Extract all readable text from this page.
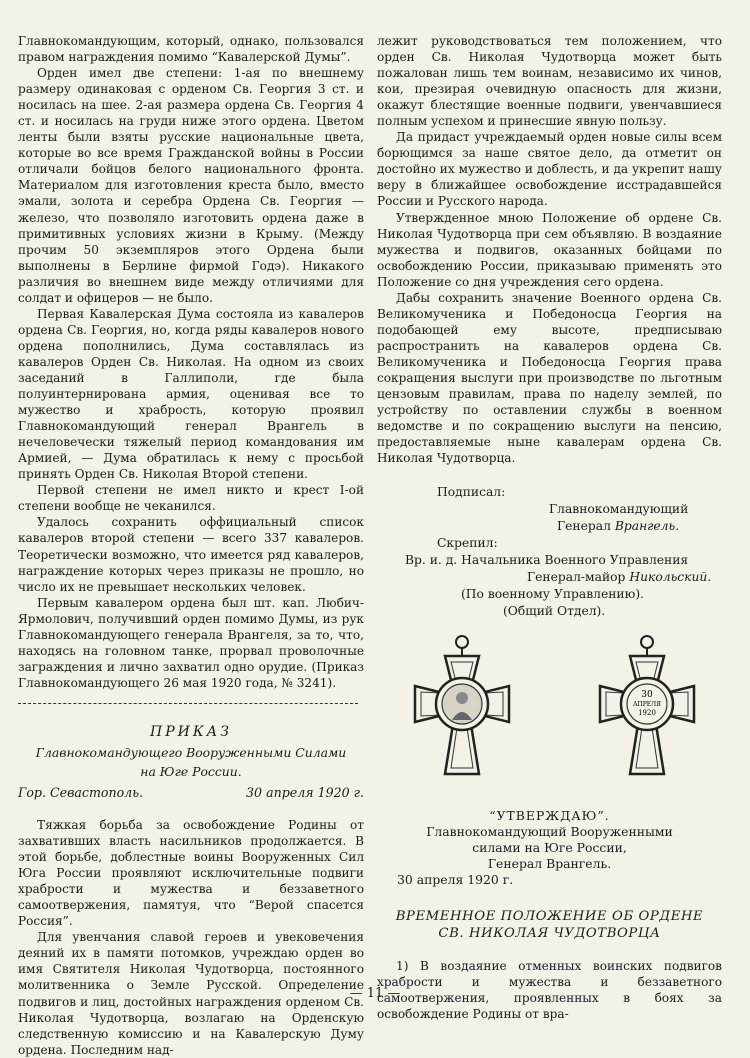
Главнокомандующим, который, однако, пользовался правом награждения помимо “Кавалерской Думы”.

Орден имел две степени: 1-ая по внешнему размеру одинаковая с орденом Св. Георгия 3 ст. и носилась на шее. 2-ая размера ордена Св. Георгия 4 ст. и носилась на груди ниже этого ордена. Цветом ленты были взяты русские национальные цвета, которые во все время Гражданской войны в России отличали бойцов белого национального фронта. Материалом для изготовления креста было, вместо эмали, золота и серебра Ордена Св. Георгия — железо, что позволяло изготовить ордена даже в примитивных условиях жизни в Крыму. (Между прочим 50 экземпляров этого Ордена были выполнены в Берлине фирмой Годэ). Никакого различия во внешнем виде между отличиями для солдат и офицеров — не было.

Первая Кавалерская Дума состояла из кавалеров ордена Св. Георгия, но, когда ряды кавалеров нового ордена пополнились, Дума составлялась из кавалеров Орден Св. Николая. На одном из своих заседаний в Галлиполи, где была полуинтернирована армия, оценивая все то мужество и храбрость, которую проявил Главнокомандующий генерал Врангель в нечеловечески тяжелый период командования им Армией, — Дума обратилась к нему с просьбой принять Орден Св. Николая Второй степени.

Первой степени не имел никто и крест I-ой степени вообще не чеканился.

Удалось сохранить оффициальный список кавалеров второй степени — всего 337 кавалеров. Теоретически возможно, что имеется ряд кавалеров, награждение которых через приказы не прошло, но число их не превышает нескольких человек.

Первым кавалером ордена был шт. кап. Любич-Ярмолович, получивший орден помимо Думы, из рук Главнокомандующего генерала Врангеля, за то, что, находясь на головном танке, прорвал проволочные заграждения и лично захватил одно орудие. (Приказ Главнокомандующего 26 мая 1920 года, № 3241).

ПРИКАЗ
Главнокомандующего Вооруженными Силами
на Юге России.
Гор. Севастополь.	30 апреля 1920 г.

Тяжкая борьба за освобождение Родины от захвативших власть насильников продолжается. В этой борьбе, доблестные воины Вооруженных Сил Юга России проявляют исключительные подвиги храбрости и мужества и беззаветного самоотвержения, памятуя, что “Верой спасется Россия”.

Для увенчания славой героев и увековечения деяний их в памяти потомков, учреждаю орден во имя Святителя Николая Чудотворца, постоянного молитвенника о Земле Русской. Определение подвигов и лиц, достойных награждения орденом Св. Николая Чудотворца, возлагаю на Орденскую следственную комиссию и на Кавалерскую Думу ордена. Последним над-

лежит руководствоваться тем положением, что орден Св. Николая Чудотворца может быть пожалован лишь тем воинам, независимо их чинов, кои, презирая очевидную опасность для жизни, окажут блестящие военные подвиги, увенчавшиеся полным успехом и принесшие явную пользу.

Да придаст учреждаемый орден новые силы всем борющимся за наше святое дело, да отметит он достойно их мужество и доблесть, и да укрепит нашу веру в ближайшее освобождение исстрадавшейся России и Русского народа.

Утвержденное мною Положение об ордене Св. Николая Чудотворца при сем объявляю. В воздаяние мужества и подвигов, оказанных бойцами по освобождению России, приказываю применять это Положение со дня учреждения сего ордена.

Дабы сохранить значение Военного ордена Св. Великомученика и Победоносца Георгия на подобающей ему высоте, предписываю распространить на кавалеров ордена Св. Великомученика и Победоносца Георгия права сокращения выслуги при производстве по льготным цензовым правилам, права по наделу землей, по устройству по оставлении службы в военном ведомстве и по сокращению выслуги на пенсию, предоставляемые ныне кавалерам ордена Св. Николая Чудотворца.

Подписал:
Главнокомандующий
Генерал Врангель.
Скрепил:
Вр. и. д. Начальника Военного Управления
Генерал-майор Никольский.
(По военному Управлению).
(Общий Отдел).
30
АПРЕЛЯ
1920
“УТВЕРЖДАЮ”.
Главнокомандующий Вооруженными
силами на Юге России,
Генерал Врангель.
30 апреля 1920 г.
ВРЕМЕННОЕ ПОЛОЖЕНИЕ ОБ ОРДЕНЕ
СВ. НИКОЛАЯ ЧУДОТВОРЦА

1) В воздаяние отменных воинских подвигов храбрости и мужества и беззаветного самоотвержения, проявленных в боях за освобождение Родины от вра-

— 11 —
